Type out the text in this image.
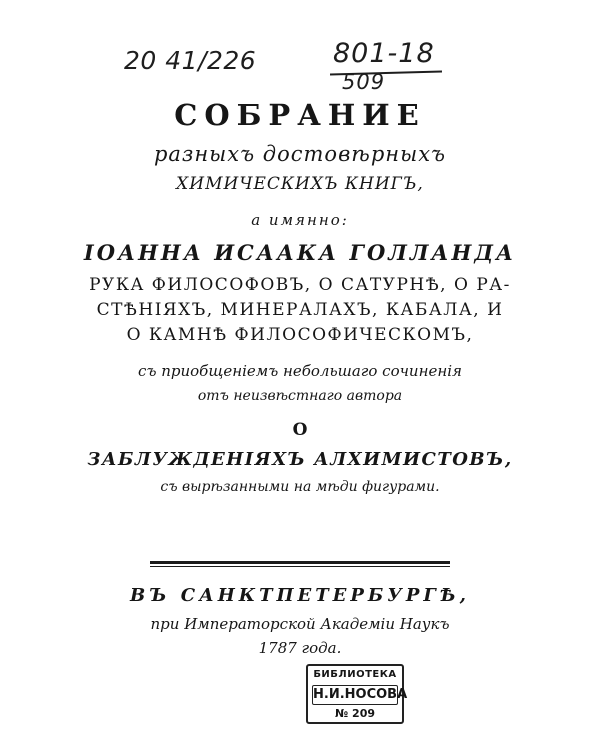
20 41/226	801-18
509
СОБРАНИЕ
разныхъ достовѣрныхъ
ХИМИЧЕСКИХЪ КНИГЪ,
а имянно:
ІОАННА ИСААКА ГОЛЛАНДА
РУКА ФИЛОСОФОВЪ, О САТУРНѢ, О РА-
СТѢНІЯХЪ, МИНЕРАЛАХЪ, КАБАЛА, И
О КАМНѢ ФИЛОСОФИЧЕСКОМЪ,
съ приобщеніемъ небольшаго сочиненія
отъ неизвѣстнаго автора
О
ЗАБЛУЖДЕНІЯХЪ АЛХИМИСТОВЪ,
съ вырѣзанными на мѣди фигурами.
ВЪ САНКТПЕТЕРБУРГѢ,
при Императорской Академіи Наукъ
1787 года.
БИБЛИОТЕКА
Н.И.НОСОВА
№ 209
